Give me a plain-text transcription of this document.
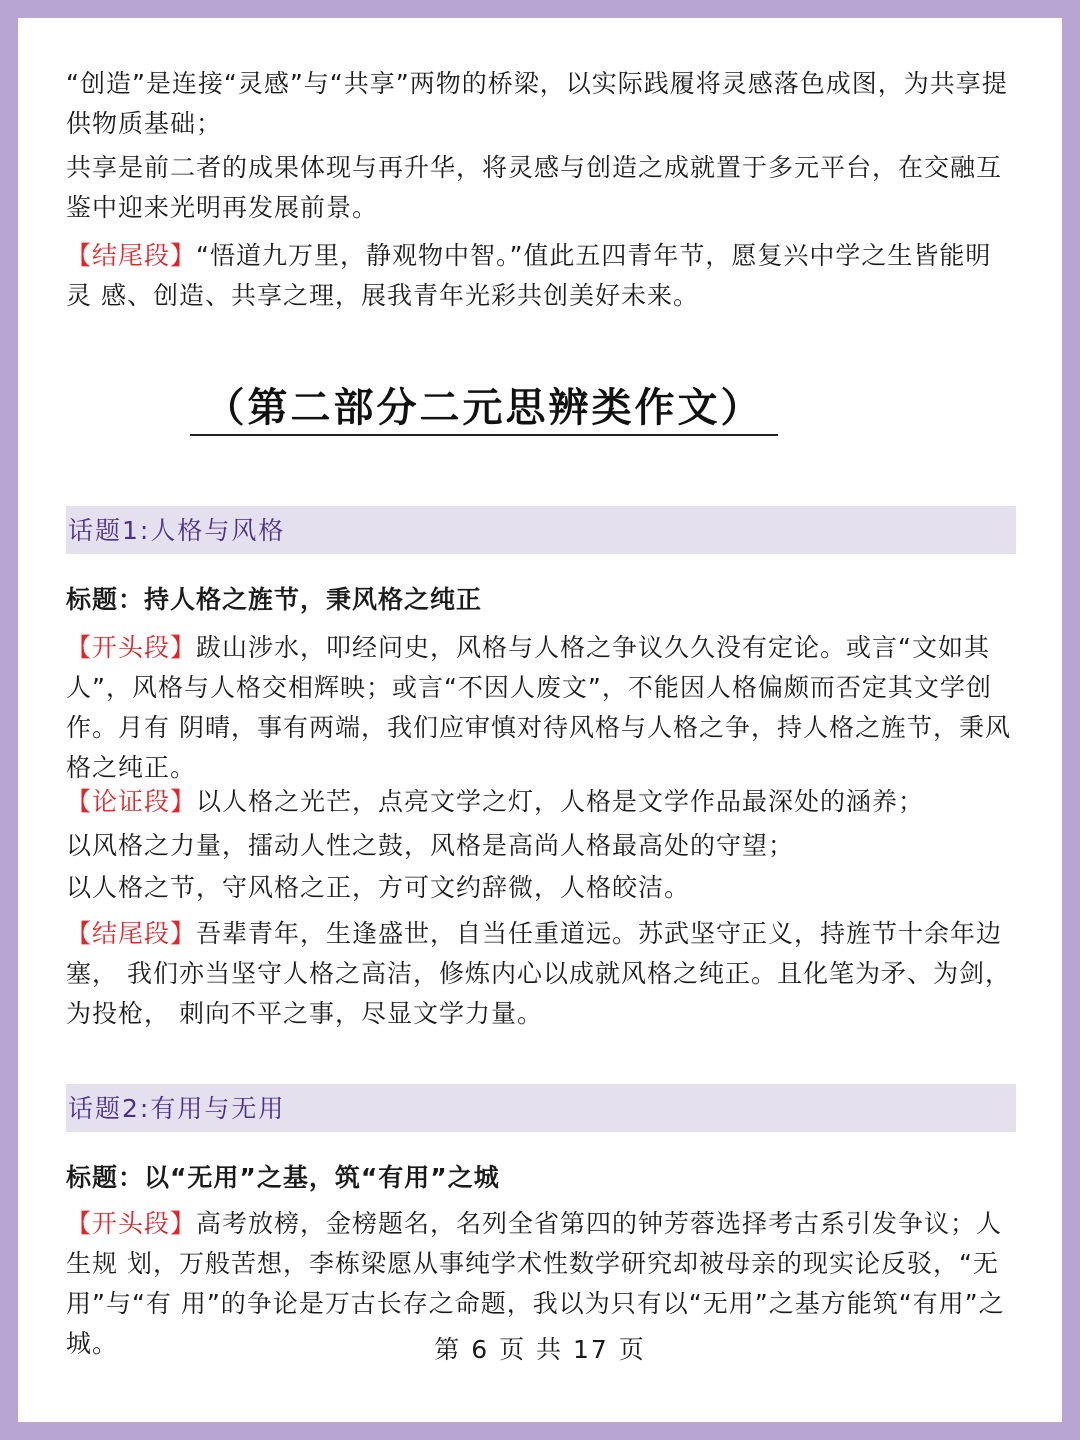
“创造”是连接“灵感”与“共享”两物的桥梁，以实际践履将灵感落色成图，为共享提供物质基础；

共享是前二者的成果体现与再升华，将灵感与创造之成就置于多元平台，在交融互鉴中迎来光明再发展前景。

【结尾段】“悟道九万里，静观物中智。”值此五四青年节，愿复兴中学之生皆能明灵 感、创造、共享之理，展我青年光彩共创美好未来。

（第二部分二元思辨类作文）
话题1:人格与风格

标题：持人格之旌节，秉风格之纯正

【开头段】跋山涉水，叩经问史，风格与人格之争议久久没有定论。或言“文如其人”，风格与人格交相辉映；或言“不因人废文”，不能因人格偏颇而否定其文学创作。月有 阴晴，事有两端，我们应审慎对待风格与人格之争，持人格之旌节，秉风格之纯正。

【论证段】以人格之光芒，点亮文学之灯，人格是文学作品最深处的涵养；

以风格之力量，擂动人性之鼓，风格是高尚人格最高处的守望；

以人格之节，守风格之正，方可文约辞微，人格皎洁。

【结尾段】吾辈青年，生逢盛世，自当任重道远。苏武坚守正义，持旌节十余年边塞， 我们亦当坚守人格之高洁，修炼内心以成就风格之纯正。且化笔为矛、为剑，为投枪， 刺向不平之事，尽显文学力量。

话题2:有用与无用

标题：以“无用”之基，筑“有用”之城

【开头段】高考放榜，金榜题名，名列全省第四的钟芳蓉选择考古系引发争议；人生规 划，万般苦想，李栋梁愿从事纯学术性数学研究却被母亲的现实论反驳，“无用”与“有 用”的争论是万古长存之命题，我以为只有以“无用”之基方能筑“有用”之城。	第 6 页 共 17 页
